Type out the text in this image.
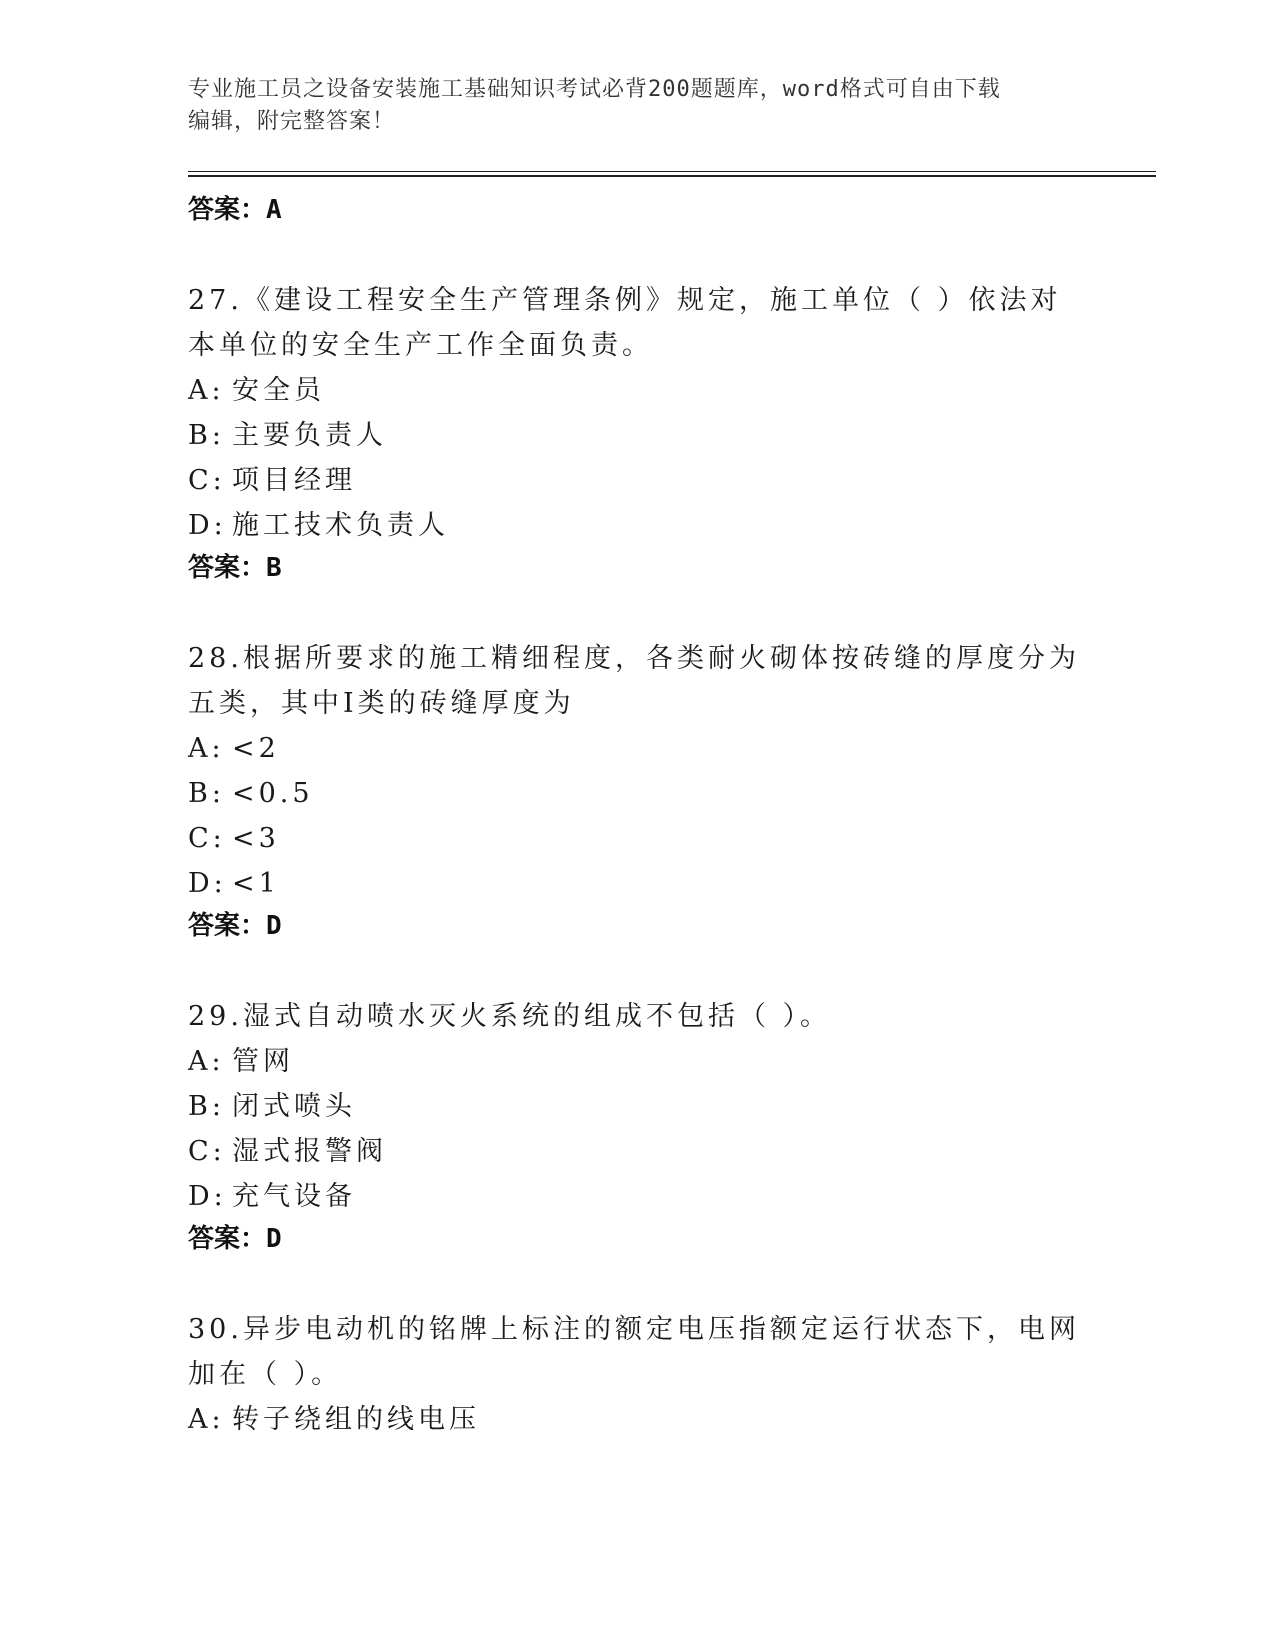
专业施工员之设备安装施工基础知识考试必背200题题库，word格式可自由下载
编辑，附完整答案！
答案：A
27.《建设工程安全生产管理条例》规定，施工单位（ ）依法对本单位的安全生产工作全面负责。
A: 安全员
B: 主要负责人
C: 项目经理
D: 施工技术负责人
答案：B
28.根据所要求的施工精细程度，各类耐火砌体按砖缝的厚度分为五类，其中Ⅰ类的砖缝厚度为
A: <2
B: <0.5
C: <3
D: <1
答案：D
29.湿式自动喷水灭火系统的组成不包括（ ）。
A: 管网
B: 闭式喷头
C: 湿式报警阀
D: 充气设备
答案：D
30.异步电动机的铭牌上标注的额定电压指额定运行状态下，电网加在（ ）。
A: 转子绕组的线电压
